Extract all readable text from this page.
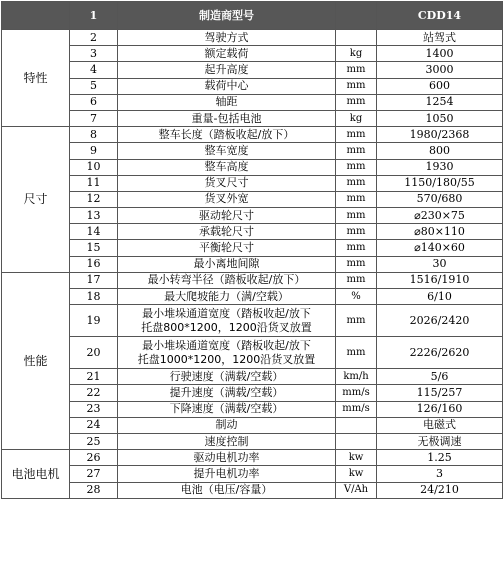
	1	制造商型号		CDD14
特性	2	驾驶方式		站驾式
	3	额定载荷	kg	1400
	4	起升高度	mm	3000
	5	载荷中心	mm	600
	6	轴距	mm	1254
	7	重量-包括电池	kg	1050
尺寸	8	整车长度（踏板收起/放下）	mm	1980/2368
	9	整车宽度	mm	800
	10	整车高度	mm	1930
	11	货叉尺寸	mm	1150/180/55
	12	货叉外宽	mm	570/680
	13	驱动轮尺寸	mm	⌀230×75
	14	承载轮尺寸	mm	⌀80×110
	15	平衡轮尺寸	mm	⌀140×60
	16	最小离地间隙	mm	30
性能	17	最小转弯半径（踏板收起/放下）	mm	1516/1910
	18	最大爬坡能力（满/空载）	%	6/10
	19	最小堆垛通道宽度（踏板收起/放下
托盘800*1200，1200沿货叉放置	mm	2026/2420
	20	最小堆垛通道宽度（踏板收起/放下
托盘1000*1200，1200沿货叉放置	mm	2226/2620
	21	行驶速度（满载/空载）	km/h	5/6
	22	提升速度（满载/空载）	mm/s	115/257
	23	下降速度（满载/空载）	mm/s	126/160
	24	制动		电磁式
	25	速度控制		无极调速
电池电机	26	驱动电机功率	kw	1.25
	27	提升电机功率	kw	3
	28	电池（电压/容量）	V/Ah	24/210
